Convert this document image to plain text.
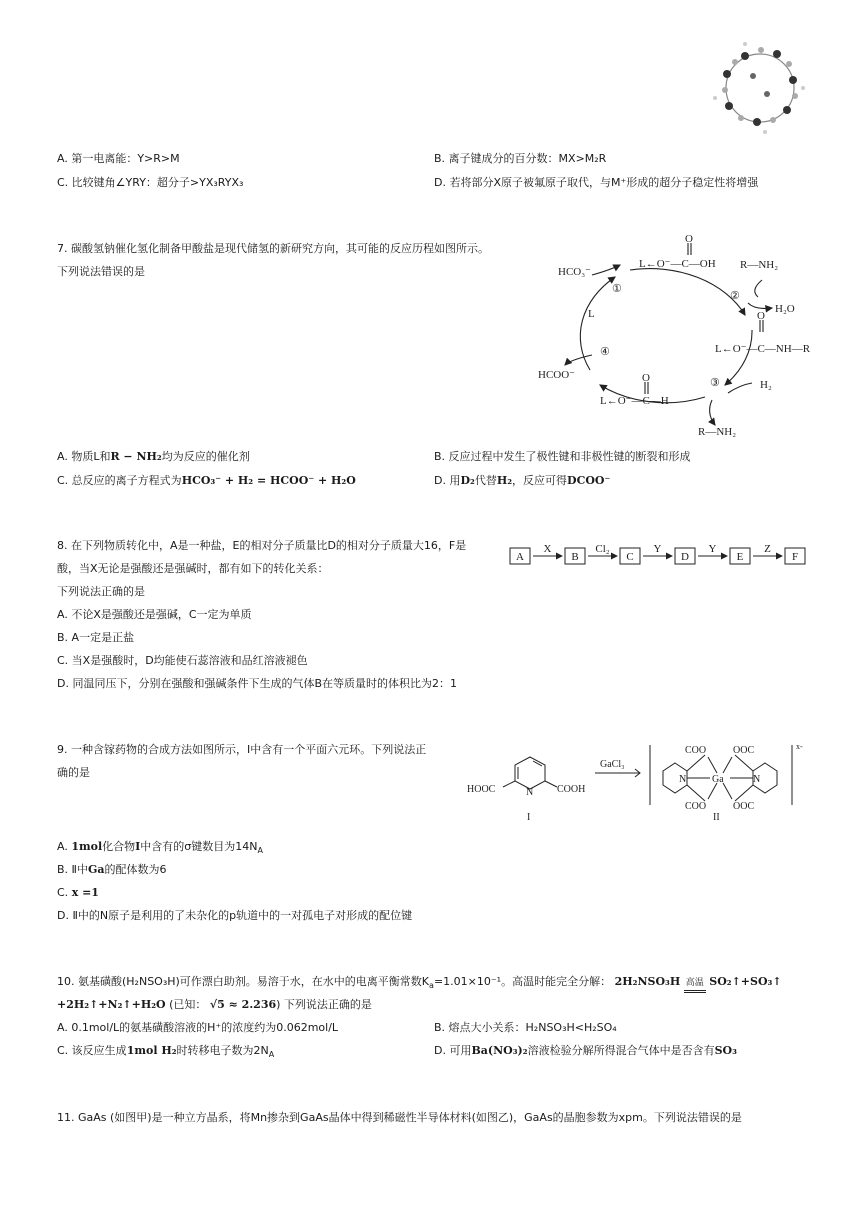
A. 第一电离能：Y>R>M	B. 离子键成分的百分数：MX>M₂R
C. 比较键角∠YRY：超分子>YX₃RYX₃	D. 若将部分X原子被氟原子取代，与M⁺形成的超分子稳定性将增强
7. 碳酸氢钠催化氢化制备甲酸盐是现代储氢的新研究方向，其可能的反应历程如图所示。
下列说法错误的是	HCO₃⁻
L←O⁻—C—OH
O
R—NH₂
①
②
H₂O
L	O
L←O⁻—C—NH—R
④
HCOO⁻
③	H₂
O
L←O⁻—C—H
R—NH₂
A. 物质L和R − NH₂均为反应的催化剂	B. 反应过程中发生了极性键和非极性键的断裂和形成
C. 总反应的离子方程式为HCO₃⁻ + H₂ = HCOO⁻ + H₂O	D. 用D₂代替H₂，反应可得DCOO⁻
8. 在下列物质转化中，A是一种盐，E的相对分子质量比D的相对分子质量大16，F是
酸，当X无论是强酸还是强碱时，都有如下的转化关系：
下列说法正确的是
A
X
B
Cl₂
C
Y
D
Y
E
Z
F
A. 不论X是强酸还是强碱，C一定为单质
B. A一定是正盐
C. 当X是强酸时，D均能使石蕊溶液和品红溶液褪色
D. 同温同压下，分别在强酸和强碱条件下生成的气体B在等质量时的体积比为2：1
9. 一种含镓药物的合成方法如图所示，Ⅰ中含有一个平面六元环。下列说法正
确的是
HOOC	N COOH
GaCl₃
I	II
COO	OOC
COO	OOC
Ga
N	N
x-
A. 1mol化合物I中含有的σ键数目为$14N_A$
B. Ⅱ中Ga的配体数为6
C. x =1
D. Ⅱ中的N原子是利用的了未杂化的p轨道中的一对孤电子对形成的配位键
10. 氨基磺酸(H₂NSO₃H)可作漂白助剂。易溶于水，在水中的电离平衡常数$K_a=1.01\times 10^{-1}$。高温时能完全分解： 2H₂NSO₃H 高温 SO₂↑+SO₃↑
+2H₂↑+N₂↑+H₂O (已知： √5 ≈ 2.236) 下列说法正确的是
A. 0.1mol/L的氨基磺酸溶液的H⁺的浓度约为0.062mol/L	B. 熔点大小关系：H₂NSO₃H<H₂SO₄
C. 该反应生成1mol H₂时转移电子数为$2N_A$	D. 可用Ba(NO₃)₂溶液检验分解所得混合气体中是否含有SO₃
11. GaAs (如图甲)是一种立方晶系，将Mn掺杂到GaAs晶体中得到稀磁性半导体材料(如图乙)，GaAs的晶胞参数为xpm。下列说法错误的是
